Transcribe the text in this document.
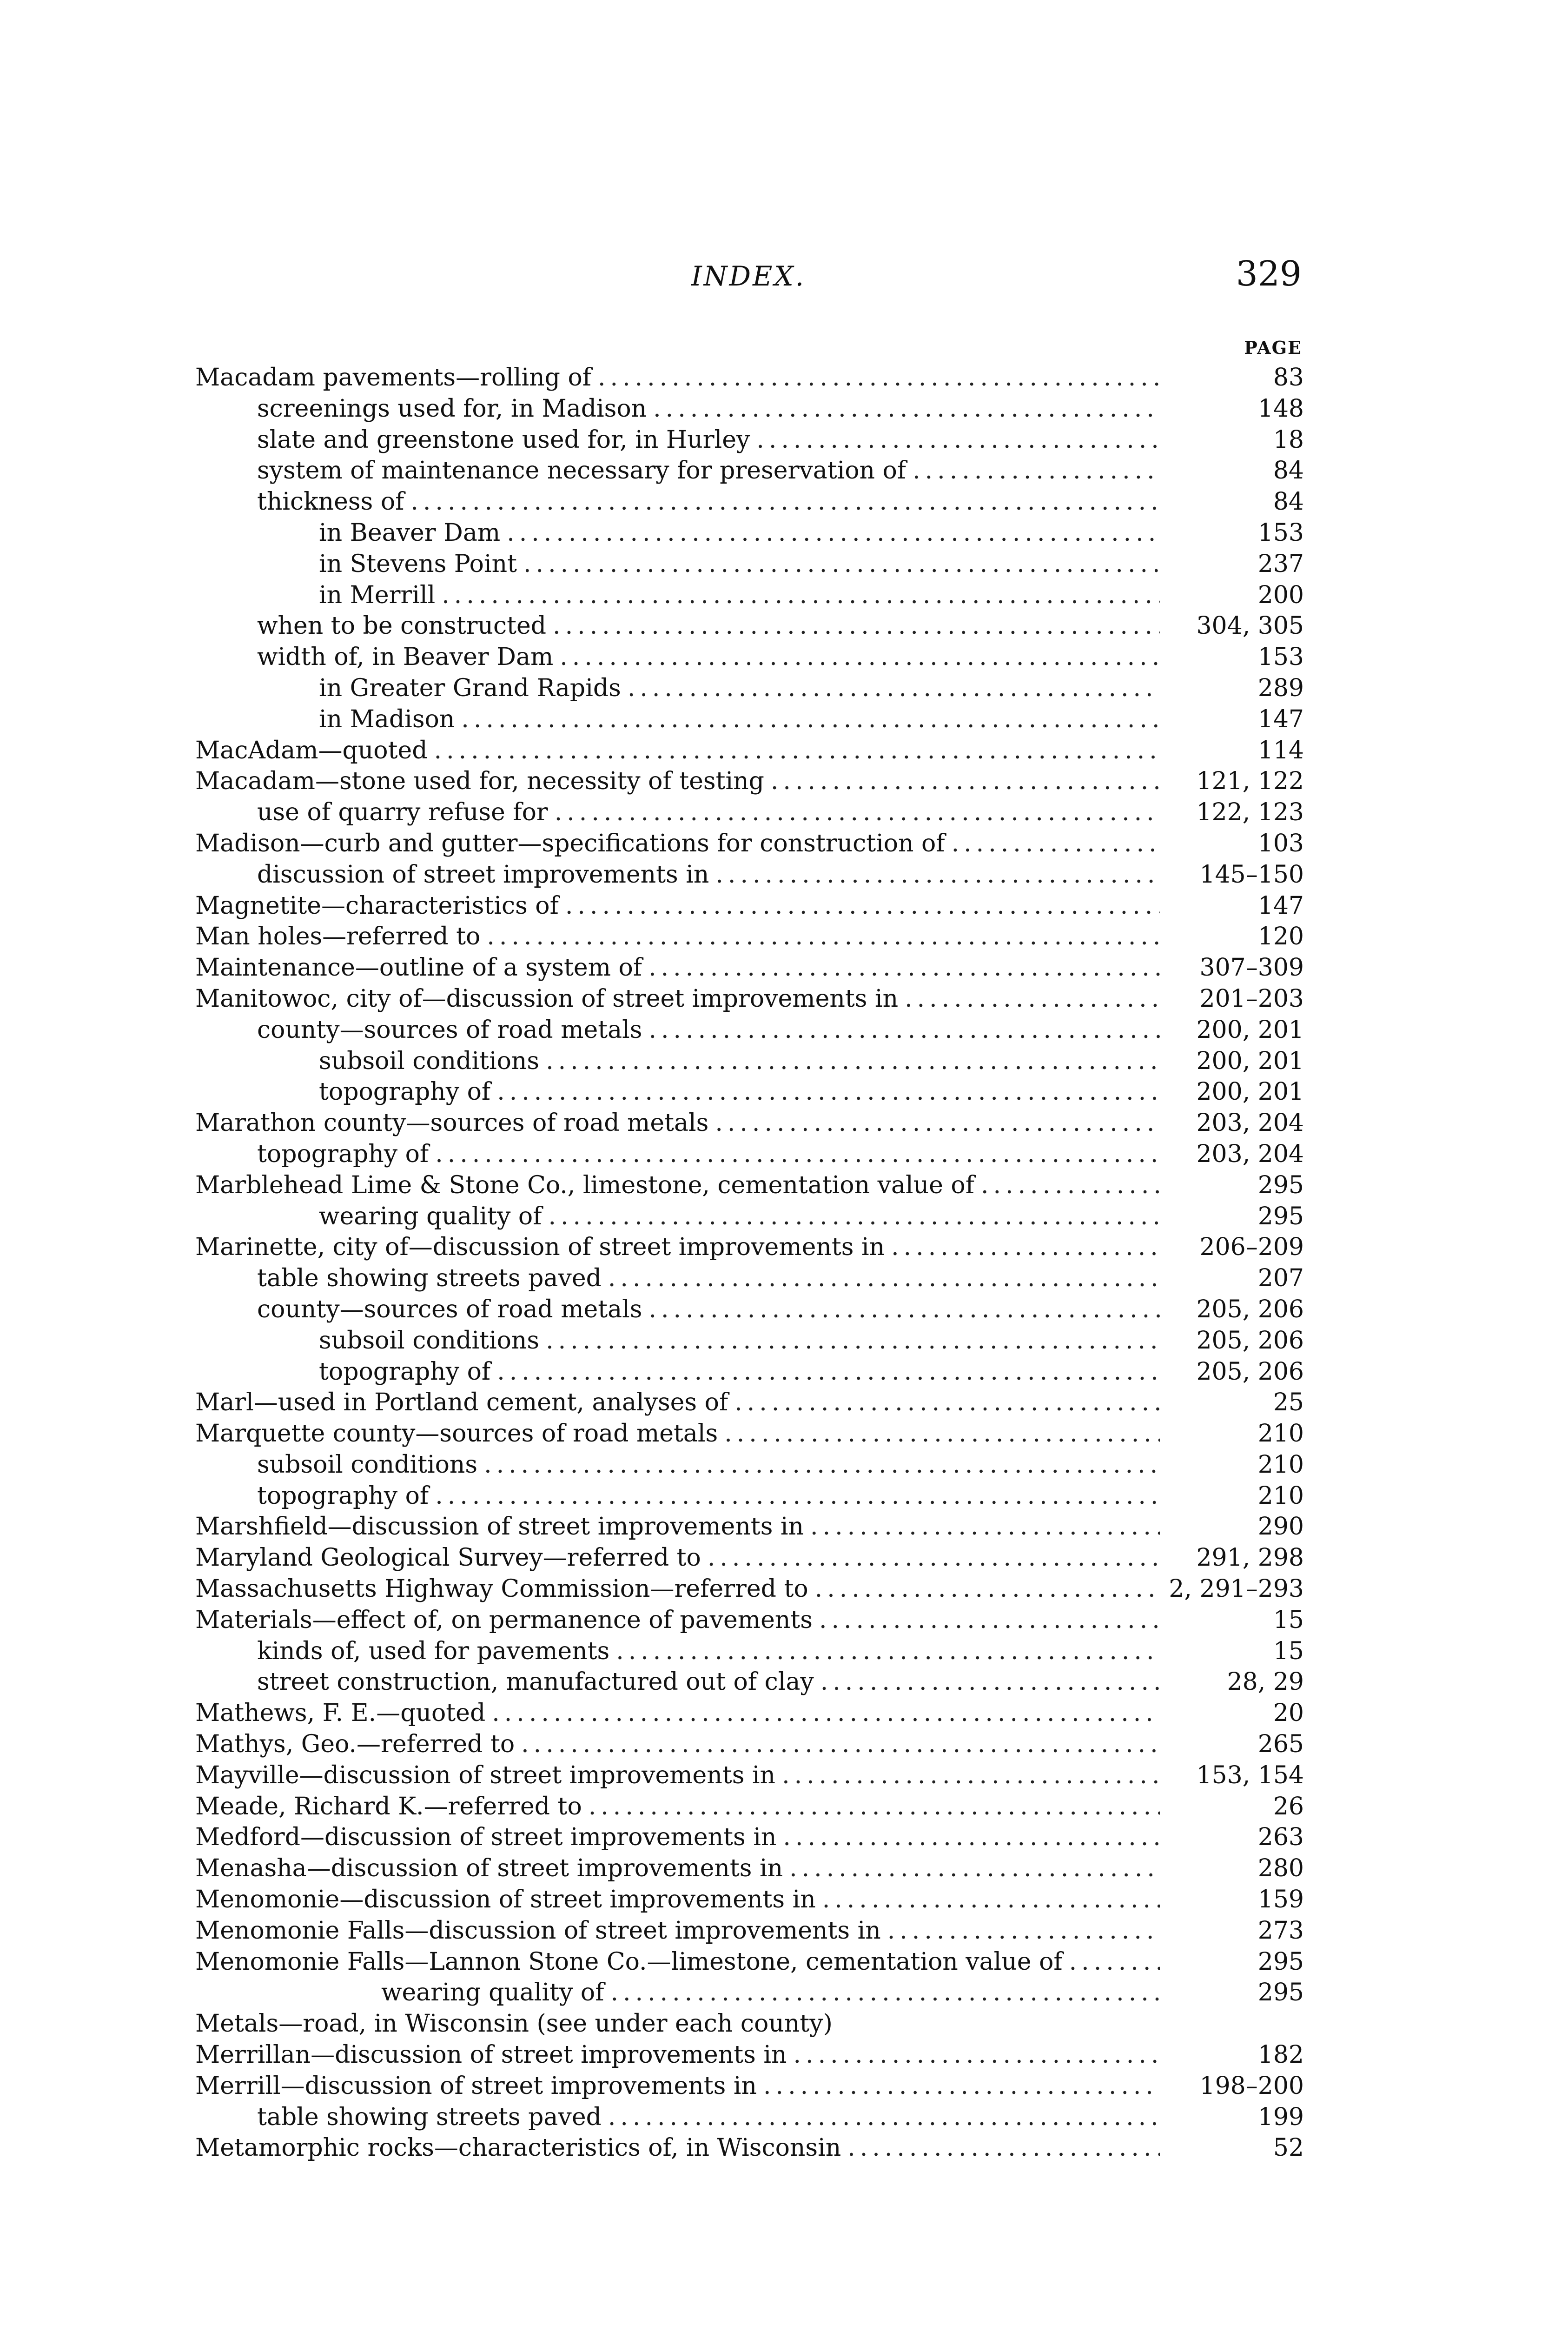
INDEX.	329
PAGE
Macadam pavements—rolling of .....	83
screenings used for, in Madison .....	148
slate and greenstone used for, in Hurley .....	18
system of maintenance necessary for preservation of .....	84
thickness of .....	84
in Beaver Dam .....	153
in Stevens Point .....	237
in Merrill .....	200
when to be constructed .....	304, 305
width of, in Beaver Dam .....	153
in Greater Grand Rapids .....	289
in Madison .....	147
MacAdam—quoted .....	114
Macadam—stone used for, necessity of testing .....	121, 122
use of quarry refuse for .....	122, 123
Madison—curb and gutter—specifications for construction of .....	103
discussion of street improvements in .....	145–150
Magnetite—characteristics of .....	147
Man holes—referred to .....	120
Maintenance—outline of a system of .....	307–309
Manitowoc, city of—discussion of street improvements in .....	201–203
county—sources of road metals .....	200, 201
subsoil conditions .....	200, 201
topography of .....	200, 201
Marathon county—sources of road metals .....	203, 204
topography of .....	203, 204
Marblehead Lime & Stone Co., limestone, cementation value of .....	295
wearing quality of .....	295
Marinette, city of—discussion of street improvements in .....	206–209
table showing streets paved .....	207
county—sources of road metals .....	205, 206
subsoil conditions .....	205, 206
topography of .....	205, 206
Marl—used in Portland cement, analyses of .....	25
Marquette county—sources of road metals .....	210
subsoil conditions .....	210
topography of .....	210
Marshfield—discussion of street improvements in .....	290
Maryland Geological Survey—referred to .....	291, 298
Massachusetts Highway Commission—referred to .....	2, 291–293
Materials—effect of, on permanence of pavements .....	15
kinds of, used for pavements .....	15
street construction, manufactured out of clay .....	28, 29
Mathews, F. E.—quoted .....	20
Mathys, Geo.—referred to .....	265
Mayville—discussion of street improvements in .....	153, 154
Meade, Richard K.—referred to .....	26
Medford—discussion of street improvements in .....	263
Menasha—discussion of street improvements in .....	280
Menomonie—discussion of street improvements in .....	159
Menomonie Falls—discussion of street improvements in .....	273
Menomonie Falls—Lannon Stone Co.—limestone, cementation value of .....	295
wearing quality of .....	295
Metals—road, in Wisconsin (see under each county)
Merrillan—discussion of street improvements in .....	182
Merrill—discussion of street improvements in .....	198–200
table showing streets paved .....	199
Metamorphic rocks—characteristics of, in Wisconsin .....	52
